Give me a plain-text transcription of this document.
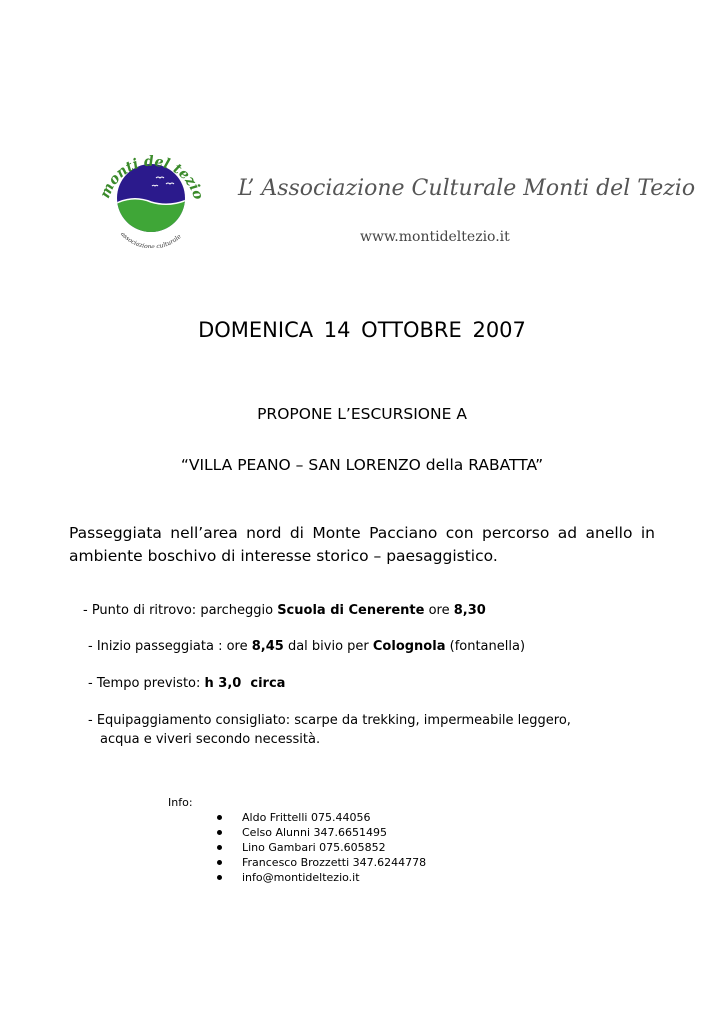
monti del tezio
associazione culturale
L’ Associazione Culturale Monti del Tezio
www.montideltezio.it
DOMENICA 14 OTTOBRE 2007
PROPONE L’ESCURSIONE A
“VILLA PEANO – SAN LORENZO della RABATTA”
Passeggiata nell’area nord di Monte Pacciano con percorso ad anello in ambiente boschivo di interesse storico – paesaggistico.
- Punto di ritrovo: parcheggio Scuola di Cenerente ore 8,30
- Inizio passeggiata : ore 8,45 dal bivio per Colognola (fontanella)
- Tempo previsto: h 3,0  circa
- Equipaggiamento consigliato: scarpe da trekking, impermeabile leggero,
acqua e viveri secondo necessità.
Info:
Aldo Frittelli 075.44056
Celso Alunni 347.6651495
Lino Gambari 075.605852
Francesco Brozzetti 347.6244778
info@montideltezio.it
